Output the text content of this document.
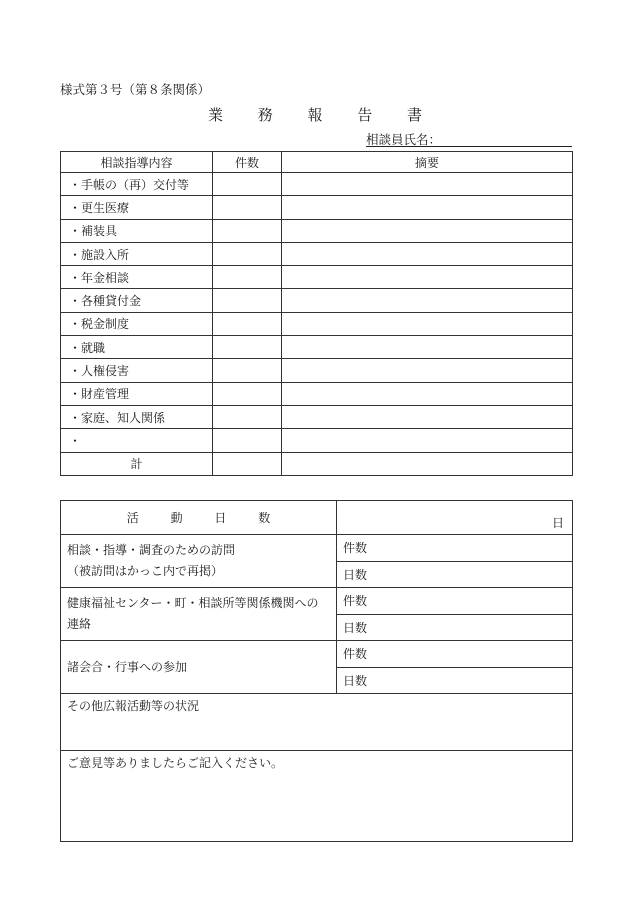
様式第３号（第８条関係）
業 務 報 告 書
相談員氏名：
相談指導内容	件数	摘要
・手帳の（再）交付等		
・更生医療		
・補装具		
・施設入所		
・年金相談		
・各種貸付金		
・税金制度		
・就職		
・人権侵害		
・財産管理		
・家庭、知人関係		
・		
計		
活 動 日 数	日

相談・指導・調査のための訪問
（被訪問はかっこ内で再掲）	件数
	日数

健康福祉センター・町・相談所等関係機関への
連絡	件数
	日数

諸会合・行事への参加	件数
	日数
その他広報活動等の状況	
ご意見等ありましたらご記入ください。	
